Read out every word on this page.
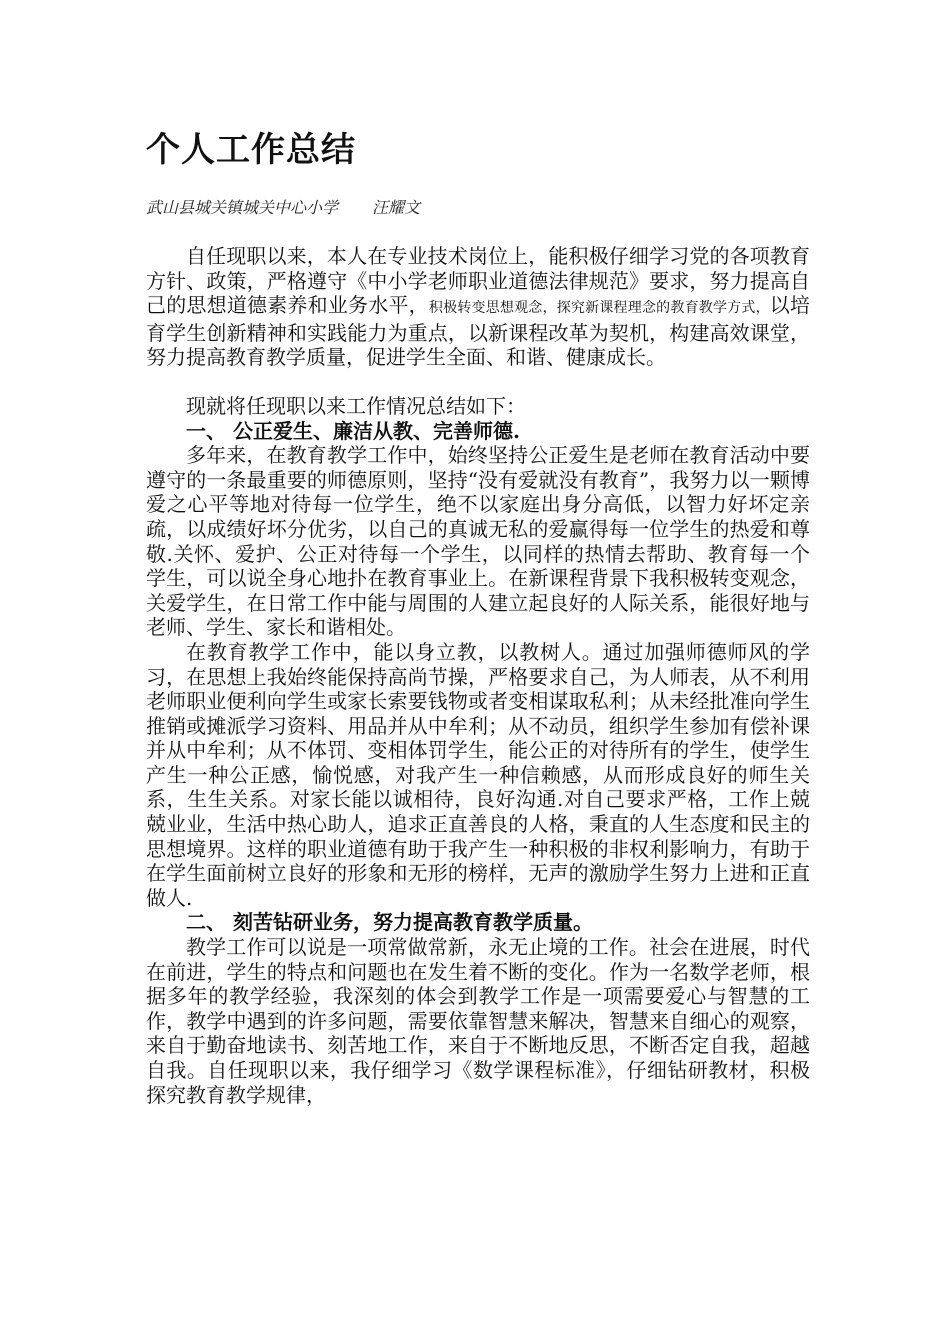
个人工作总结
武山县城关镇城关中心小学 汪耀文

自任现职以来，本人在专业技术岗位上，能积极仔细学习党的各项教育方针、政策，严格遵守《中小学老师职业道德法律规范》要求，努力提高自己的思想道德素养和业务水平，积极转变思想观念，探究新课程理念的教育教学方式，以培育学生创新精神和实践能力为重点，以新课程改革为契机，构建高效课堂，努力提高教育教学质量，促进学生全面、和谐、健康成长。

现就将任现职以来工作情况总结如下：

一、 公正爱生、廉洁从教、完善师德.

多年来，在教育教学工作中，始终坚持公正爱生是老师在教育活动中要遵守的一条最重要的师德原则，坚持“没有爱就没有教育”，我努力以一颗博爱之心平等地对待每一位学生，绝不以家庭出身分高低，以智力好坏定亲疏，以成绩好坏分优劣，以自己的真诚无私的爱赢得每一位学生的热爱和尊敬.关怀、爱护、公正对待每一个学生，以同样的热情去帮助、教育每一个学生，可以说全身心地扑在教育事业上。在新课程背景下我积极转变观念，关爱学生，在日常工作中能与周围的人建立起良好的人际关系，能很好地与老师、学生、家长和谐相处。

在教育教学工作中，能以身立教，以教树人。通过加强师德师风的学习，在思想上我始终能保持高尚节操，严格要求自己，为人师表，从不利用老师职业便利向学生或家长索要钱物或者变相谋取私利；从未经批准向学生推销或摊派学习资料、用品并从中牟利；从不动员，组织学生参加有偿补课并从中牟利；从不体罚、变相体罚学生，能公正的对待所有的学生，使学生产生一种公正感，愉悦感，对我产生一种信赖感，从而形成良好的师生关系，生生关系。对家长能以诚相待，良好沟通.对自己要求严格，工作上兢兢业业，生活中热心助人，追求正直善良的人格，秉直的人生态度和民主的思想境界。这样的职业道德有助于我产生一种积极的非权利影响力，有助于在学生面前树立良好的形象和无形的榜样，无声的激励学生努力上进和正直做人.

二、 刻苦钻研业务，努力提高教育教学质量。

教学工作可以说是一项常做常新，永无止境的工作。社会在进展，时代在前进，学生的特点和问题也在发生着不断的变化。作为一名数学老师，根据多年的教学经验，我深刻的体会到教学工作是一项需要爱心与智慧的工作，教学中遇到的许多问题，需要依靠智慧来解决，智慧来自细心的观察，来自于勤奋地读书、刻苦地工作，来自于不断地反思，不断否定自我，超越自我。自任现职以来，我仔细学习《数学课程标准》，仔细钻研教材，积极探究教育教学规律，
